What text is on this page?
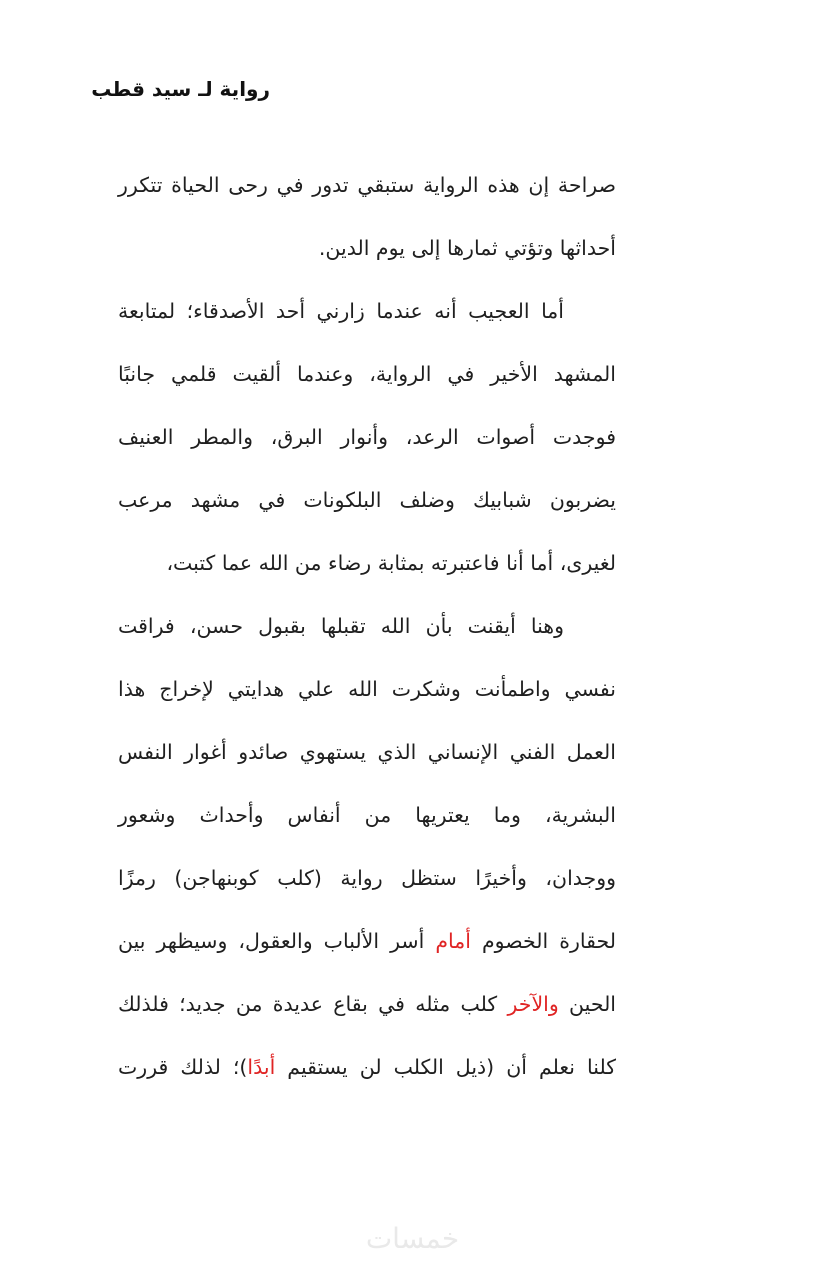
رواية لـ سيد قطب
صراحة إن هذه الرواية ستبقي تدور في رحى الحياة تتكرر
أحداثها وتؤتي ثمارها إلى يوم الدين.
أما العجيب أنه عندما زارني أحد الأصدقاء؛ لمتابعة
المشهد الأخير في الرواية، وعندما ألقيت قلمي جانبًا
فوجدت أصوات الرعد، وأنوار البرق، والمطر العنيف
يضربون شبابيك وضلف البلكونات في مشهد مرعب
لغيرى، أما أنا فاعتبرته بمثابة رضاء من الله عما كتبت،
وهنا أيقنت بأن الله تقبلها بقبول حسن، فراقت
نفسي واطمأنت وشكرت الله علي هدايتي لإخراج هذا
العمل الفني الإنساني الذي يستهوي صائدو أغوار النفس
البشرية، وما يعتريها من أنفاس وأحداث وشعور
ووجدان، وأخيرًا ستظل رواية (كلب كوبنهاجن) رمزًا
لحقارة الخصوم أمام أسر الألباب والعقول، وسيظهر بين
الحين والآخر كلب مثله في بقاع عديدة من جديد؛ فلذلك
كلنا نعلم أن (ذيل الكلب لن يستقيم أبدًا)؛ لذلك قررت
خمسات
